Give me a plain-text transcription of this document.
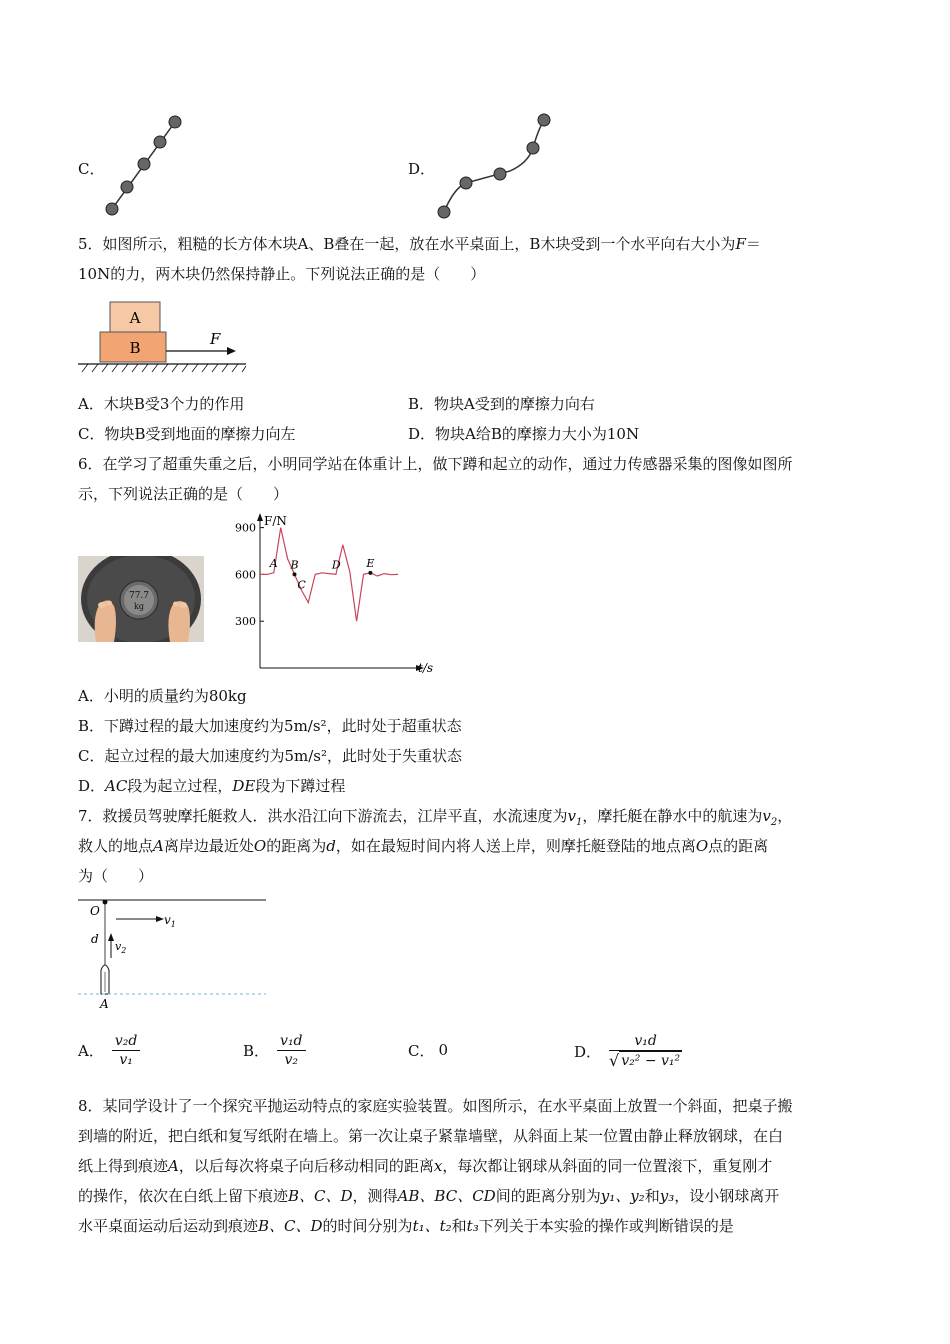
C．	D．
5．如图所示，粗糙的长方体木块A、B叠在一起，放在水平桌面上，B木块受到一个水平向右大小为F＝
10N的力，两木块仍然保持静止。下列说法正确的是（　　）
A
B	F
A．木块B受3个力的作用	B．物块A受到的摩擦力向右
C．物块B受到地面的摩擦力向左	D．物块A给B的摩擦力大小为10N
6．在学习了超重失重之后，小明同学站在体重计上，做下蹲和起立的动作，通过力传感器采集的图像如图所
示，下列说法正确的是（　　）
77.7
kg
F/N
t/s
300
600
900
A B
C
D E
A．小明的质量约为80kg
B．下蹲过程的最大加速度约为5m/s²，此时处于超重状态
C．起立过程的最大加速度约为5m/s²，此时处于失重状态
D．AC段为起立过程，DE段为下蹲过程
7．救援员驾驶摩托艇救人．洪水沿江向下游流去，江岸平直，水流速度为$v_1$，摩托艇在静水中的航速为$v_2$，
救人的地点A离岸边最近处O的距离为d，如在最短时间内将人送上岸，则摩托艇登陆的地点离O点的距离
为（　　）
O
$v_1$
d
$v_2$
A
A． $\frac{\text{v₂d}}{\text{v₁}}$	B． $\frac{\text{v₁d}}{\text{v₂}}$	C． 0	D． $\frac{\text{v₁d}}{\text{√ v₂² − v₁²}}$
8．某同学设计了一个探究平抛运动特点的家庭实验装置。如图所示，在水平桌面上放置一个斜面，把桌子搬
到墙的附近，把白纸和复写纸附在墙上。第一次让桌子紧靠墙壁，从斜面上某一位置由静止释放钢球，在白
纸上得到痕迹A，以后每次将桌子向后移动相同的距离x，每次都让钢球从斜面的同一位置滚下，重复刚才
的操作，依次在白纸上留下痕迹B、C、D，测得AB、BC、CD间的距离分别为y₁、y₂和y₃，设小钢球离开
水平桌面运动后运动到痕迹B、C、D的时间分别为t₁、t₂和t₃下列关于本实验的操作或判断错误的是
